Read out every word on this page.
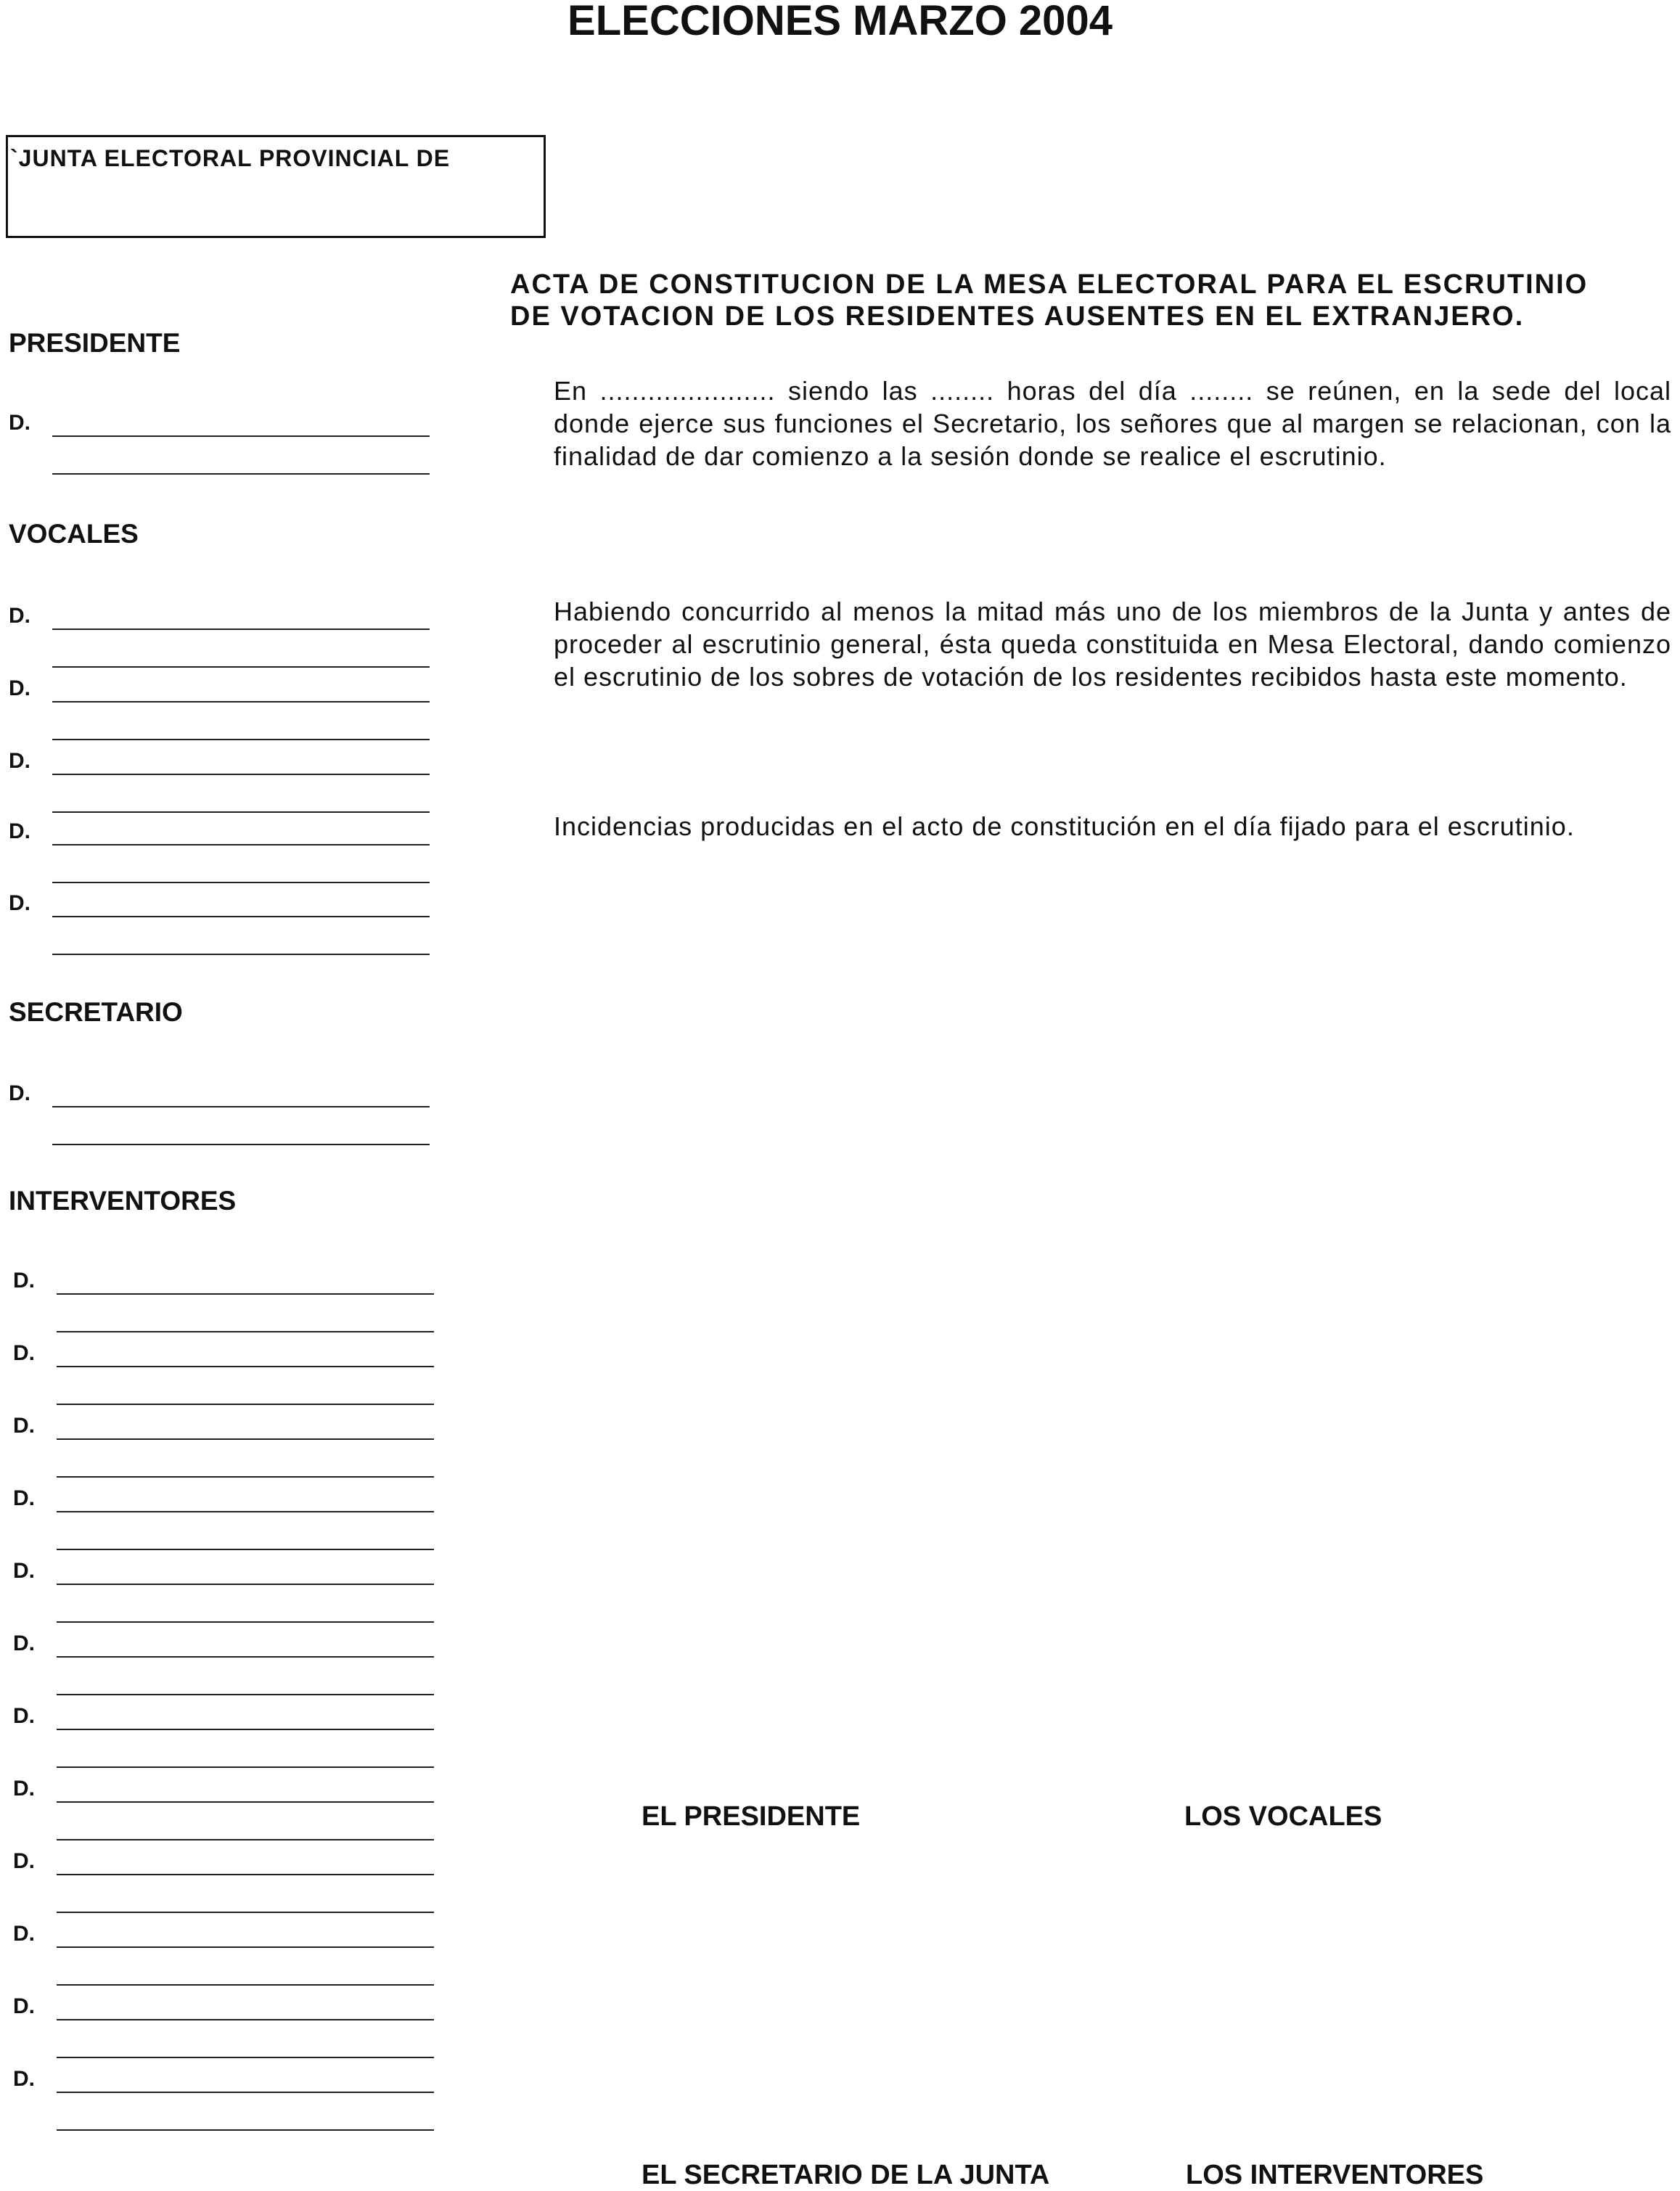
ELECCIONES MARZO 2004
`JUNTA ELECTORAL PROVINCIAL DE
ACTA DE CONSTITUCION DE LA MESA ELECTORAL PARA EL ESCRUTINIO
DE VOTACION DE LOS RESIDENTES AUSENTES EN EL EXTRANJERO.
En ...................... siendo las ........ horas del día ........ se reúnen, en la sede del local donde ejerce sus funciones el Secretario, los señores que al margen se relacionan, con la finalidad de dar comienzo a la sesión donde se realice el escrutinio.
Habiendo concurrido al menos la mitad más uno de los miembros de la Junta y antes de proceder al escrutinio general, ésta queda constituida en Mesa Electoral, dando comienzo el escrutinio de los sobres de votación de los residentes recibidos hasta este momento.
Incidencias producidas en el acto de constitución en el día fijado para el escrutinio.
PRESIDENTE
VOCALES
SECRETARIO
INTERVENTORES
D.
D.
D.
D.
D.
D.
D.
D.
D.
D.
D.
D.
D.
D.
D.
D.
D.
D.
D.
EL PRESIDENTE	LOS VOCALES
EL SECRETARIO DE LA JUNTA	LOS INTERVENTORES
